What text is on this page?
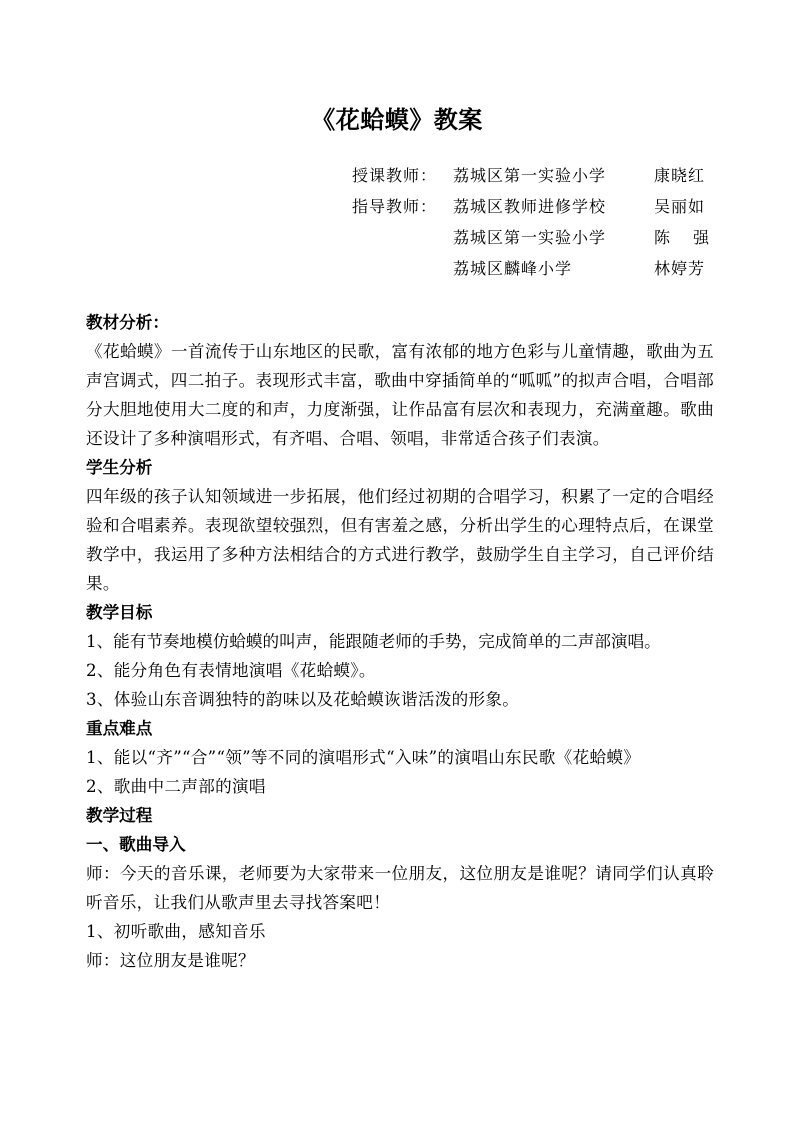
《花蛤蟆》教案
授课教师： 荔城区第一实验小学	康晓红
指导教师： 荔城区教师进修学校	吴丽如
荔城区第一实验小学	陈强
荔城区麟峰小学	林婷芳
教材分析：
《花蛤蟆》一首流传于山东地区的民歌，富有浓郁的地方色彩与儿童情趣，歌曲为五声宫调式，四二拍子。表现形式丰富，歌曲中穿插简单的“呱呱”的拟声合唱，合唱部分大胆地使用大二度的和声，力度渐强，让作品富有层次和表现力，充满童趣。歌曲还设计了多种演唱形式，有齐唱、合唱、领唱，非常适合孩子们表演。
学生分析
四年级的孩子认知领域进一步拓展，他们经过初期的合唱学习，积累了一定的合唱经验和合唱素养。表现欲望较强烈，但有害羞之感，分析出学生的心理特点后，在课堂教学中，我运用了多种方法相结合的方式进行教学，鼓励学生自主学习，自己评价结果。
教学目标
1、能有节奏地模仿蛤蟆的叫声，能跟随老师的手势，完成简单的二声部演唱。
2、能分角色有表情地演唱《花蛤蟆》。
3、体验山东音调独特的韵味以及花蛤蟆诙谐活泼的形象。
重点难点
1、能以“齐”“合”“领”等不同的演唱形式“入味”的演唱山东民歌《花蛤蟆》
2、歌曲中二声部的演唱
教学过程
一、歌曲导入
师：今天的音乐课，老师要为大家带来一位朋友，这位朋友是谁呢？请同学们认真聆听音乐，让我们从歌声里去寻找答案吧！
1、初听歌曲，感知音乐
师：这位朋友是谁呢？
